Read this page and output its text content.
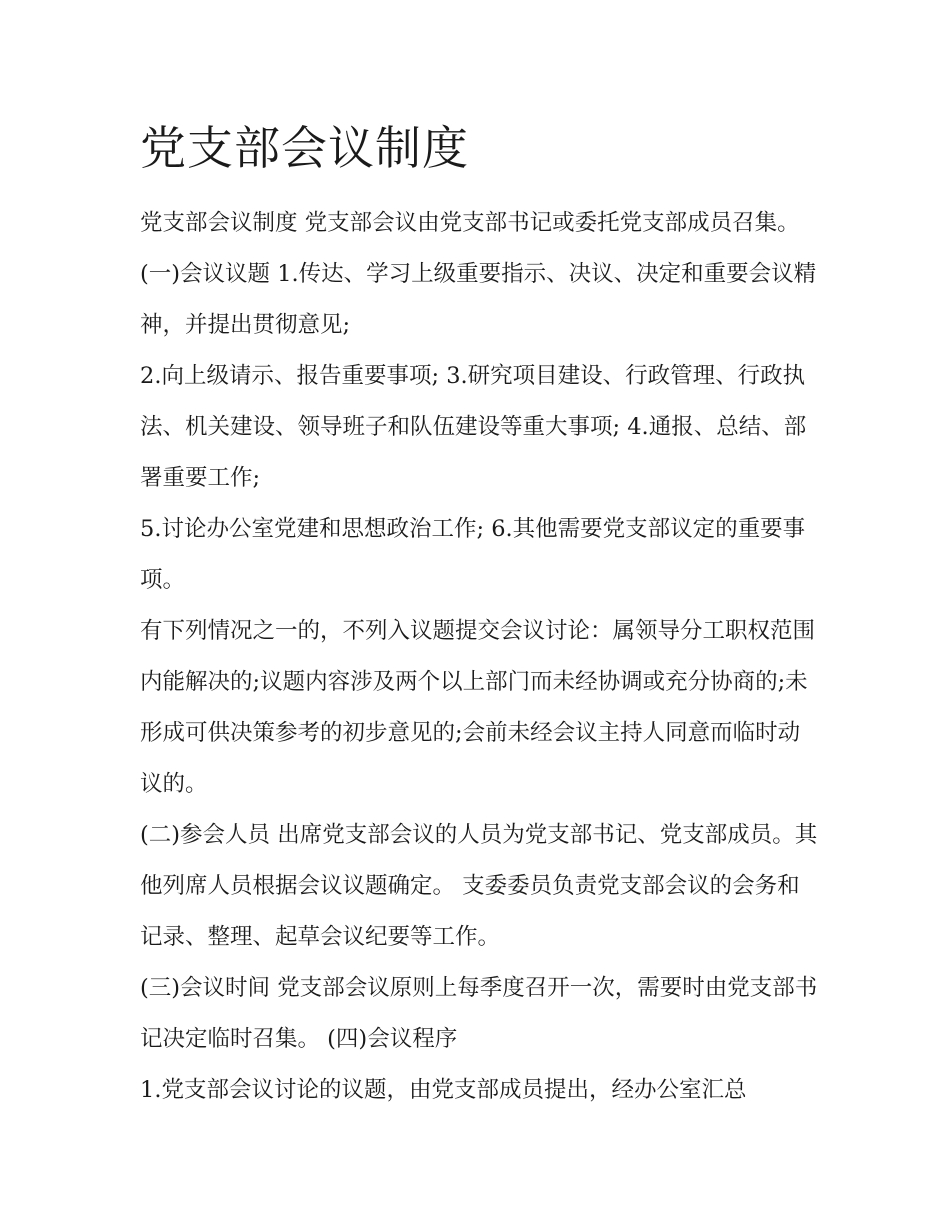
党支部会议制度

党支部会议制度 党支部会议由党支部书记或委托党支部成员召集。 (一)会议议题 1.传达、学习上级重要指示、决议、决定和重要会议精神，并提出贯彻意见;

2.向上级请示、报告重要事项; 3.研究项目建设、行政管理、行政执法、机关建设、领导班子和队伍建设等重大事项; 4.通报、总结、部署重要工作;

5.讨论办公室党建和思想政治工作; 6.其他需要党支部议定的重要事项。

有下列情况之一的，不列入议题提交会议讨论：属领导分工职权范围内能解决的;议题内容涉及两个以上部门而未经协调或充分协商的;未形成可供决策参考的初步意见的;会前未经会议主持人同意而临时动议的。

(二)参会人员 出席党支部会议的人员为党支部书记、党支部成员。其他列席人员根据会议议题确定。 支委委员负责党支部会议的会务和记录、整理、起草会议纪要等工作。

(三)会议时间 党支部会议原则上每季度召开一次，需要时由党支部书记决定临时召集。 (四)会议程序

1.党支部会议讨论的议题，由党支部成员提出，经办公室汇总
